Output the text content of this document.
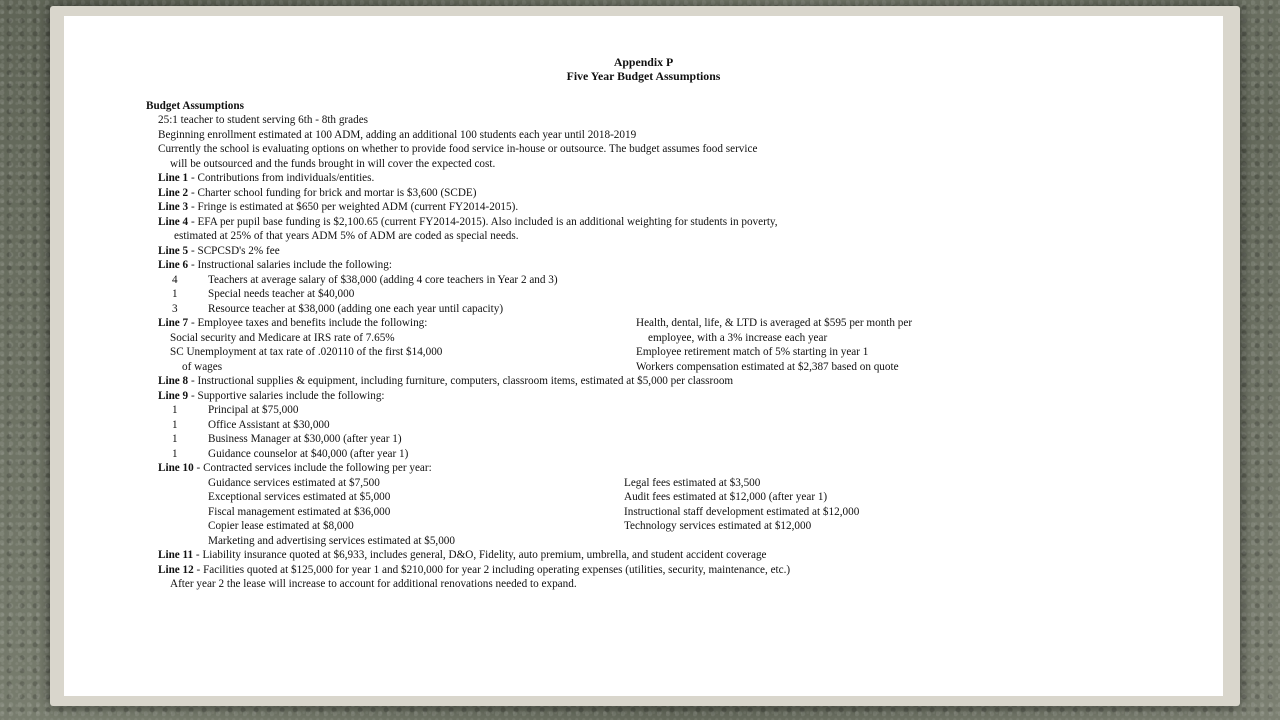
Appendix P
Five Year Budget Assumptions
Budget Assumptions
25:1 teacher to student serving 6th - 8th grades
Beginning enrollment estimated at 100 ADM, adding an additional 100 students each year until 2018-2019
Currently the school is evaluating options on whether to provide food service in-house or outsource. The budget assumes food service
will be outsourced and the funds brought in will cover the expected cost.
Line 1 - Contributions from individuals/entities.
Line 2 - Charter school funding for brick and mortar is $3,600 (SCDE)
Line 3 - Fringe is estimated at $650 per weighted ADM (current FY2014-2015).
Line 4 - EFA per pupil base funding is $2,100.65 (current FY2014-2015). Also included is an additional weighting for students in poverty,
estimated at 25% of that years ADM 5% of ADM are coded as special needs.
Line 5 - SCPCSD's 2% fee
Line 6 - Instructional salaries include the following:
4	Teachers at average salary of $38,000 (adding 4 core teachers in Year 2 and 3)
1	Special needs teacher at $40,000
3	Resource teacher at $38,000 (adding one each year until capacity)
Line 7 - Employee taxes and benefits include the following:	Health, dental, life, & LTD is averaged at $595 per month per
Social security and Medicare at IRS rate of 7.65%	employee, with a 3% increase each year
SC Unemployment at tax rate of .020110 of the first $14,000	Employee retirement match of 5% starting in year 1
of wages	Workers compensation estimated at $2,387 based on quote
Line 8 - Instructional supplies & equipment, including furniture, computers, classroom items, estimated at $5,000 per classroom
Line 9 - Supportive salaries include the following:
1	Principal at $75,000
1	Office Assistant at $30,000
1	Business Manager at $30,000 (after year 1)
1	Guidance counselor at $40,000 (after year 1)
Line 10 - Contracted services include the following per year:
Guidance services estimated at $7,500	Legal fees estimated at $3,500
Exceptional services estimated at $5,000	Audit fees estimated at $12,000 (after year 1)
Fiscal management estimated at $36,000	Instructional staff development estimated at $12,000
Copier lease estimated at $8,000	Technology services estimated at $12,000
Marketing and advertising services estimated at $5,000
Line 11 - Liability insurance quoted at $6,933, includes general, D&O, Fidelity, auto premium, umbrella, and student accident coverage
Line 12 - Facilities quoted at $125,000 for year 1 and $210,000 for year 2 including operating expenses (utilities, security, maintenance, etc.)
After year 2 the lease will increase to account for additional renovations needed to expand.
